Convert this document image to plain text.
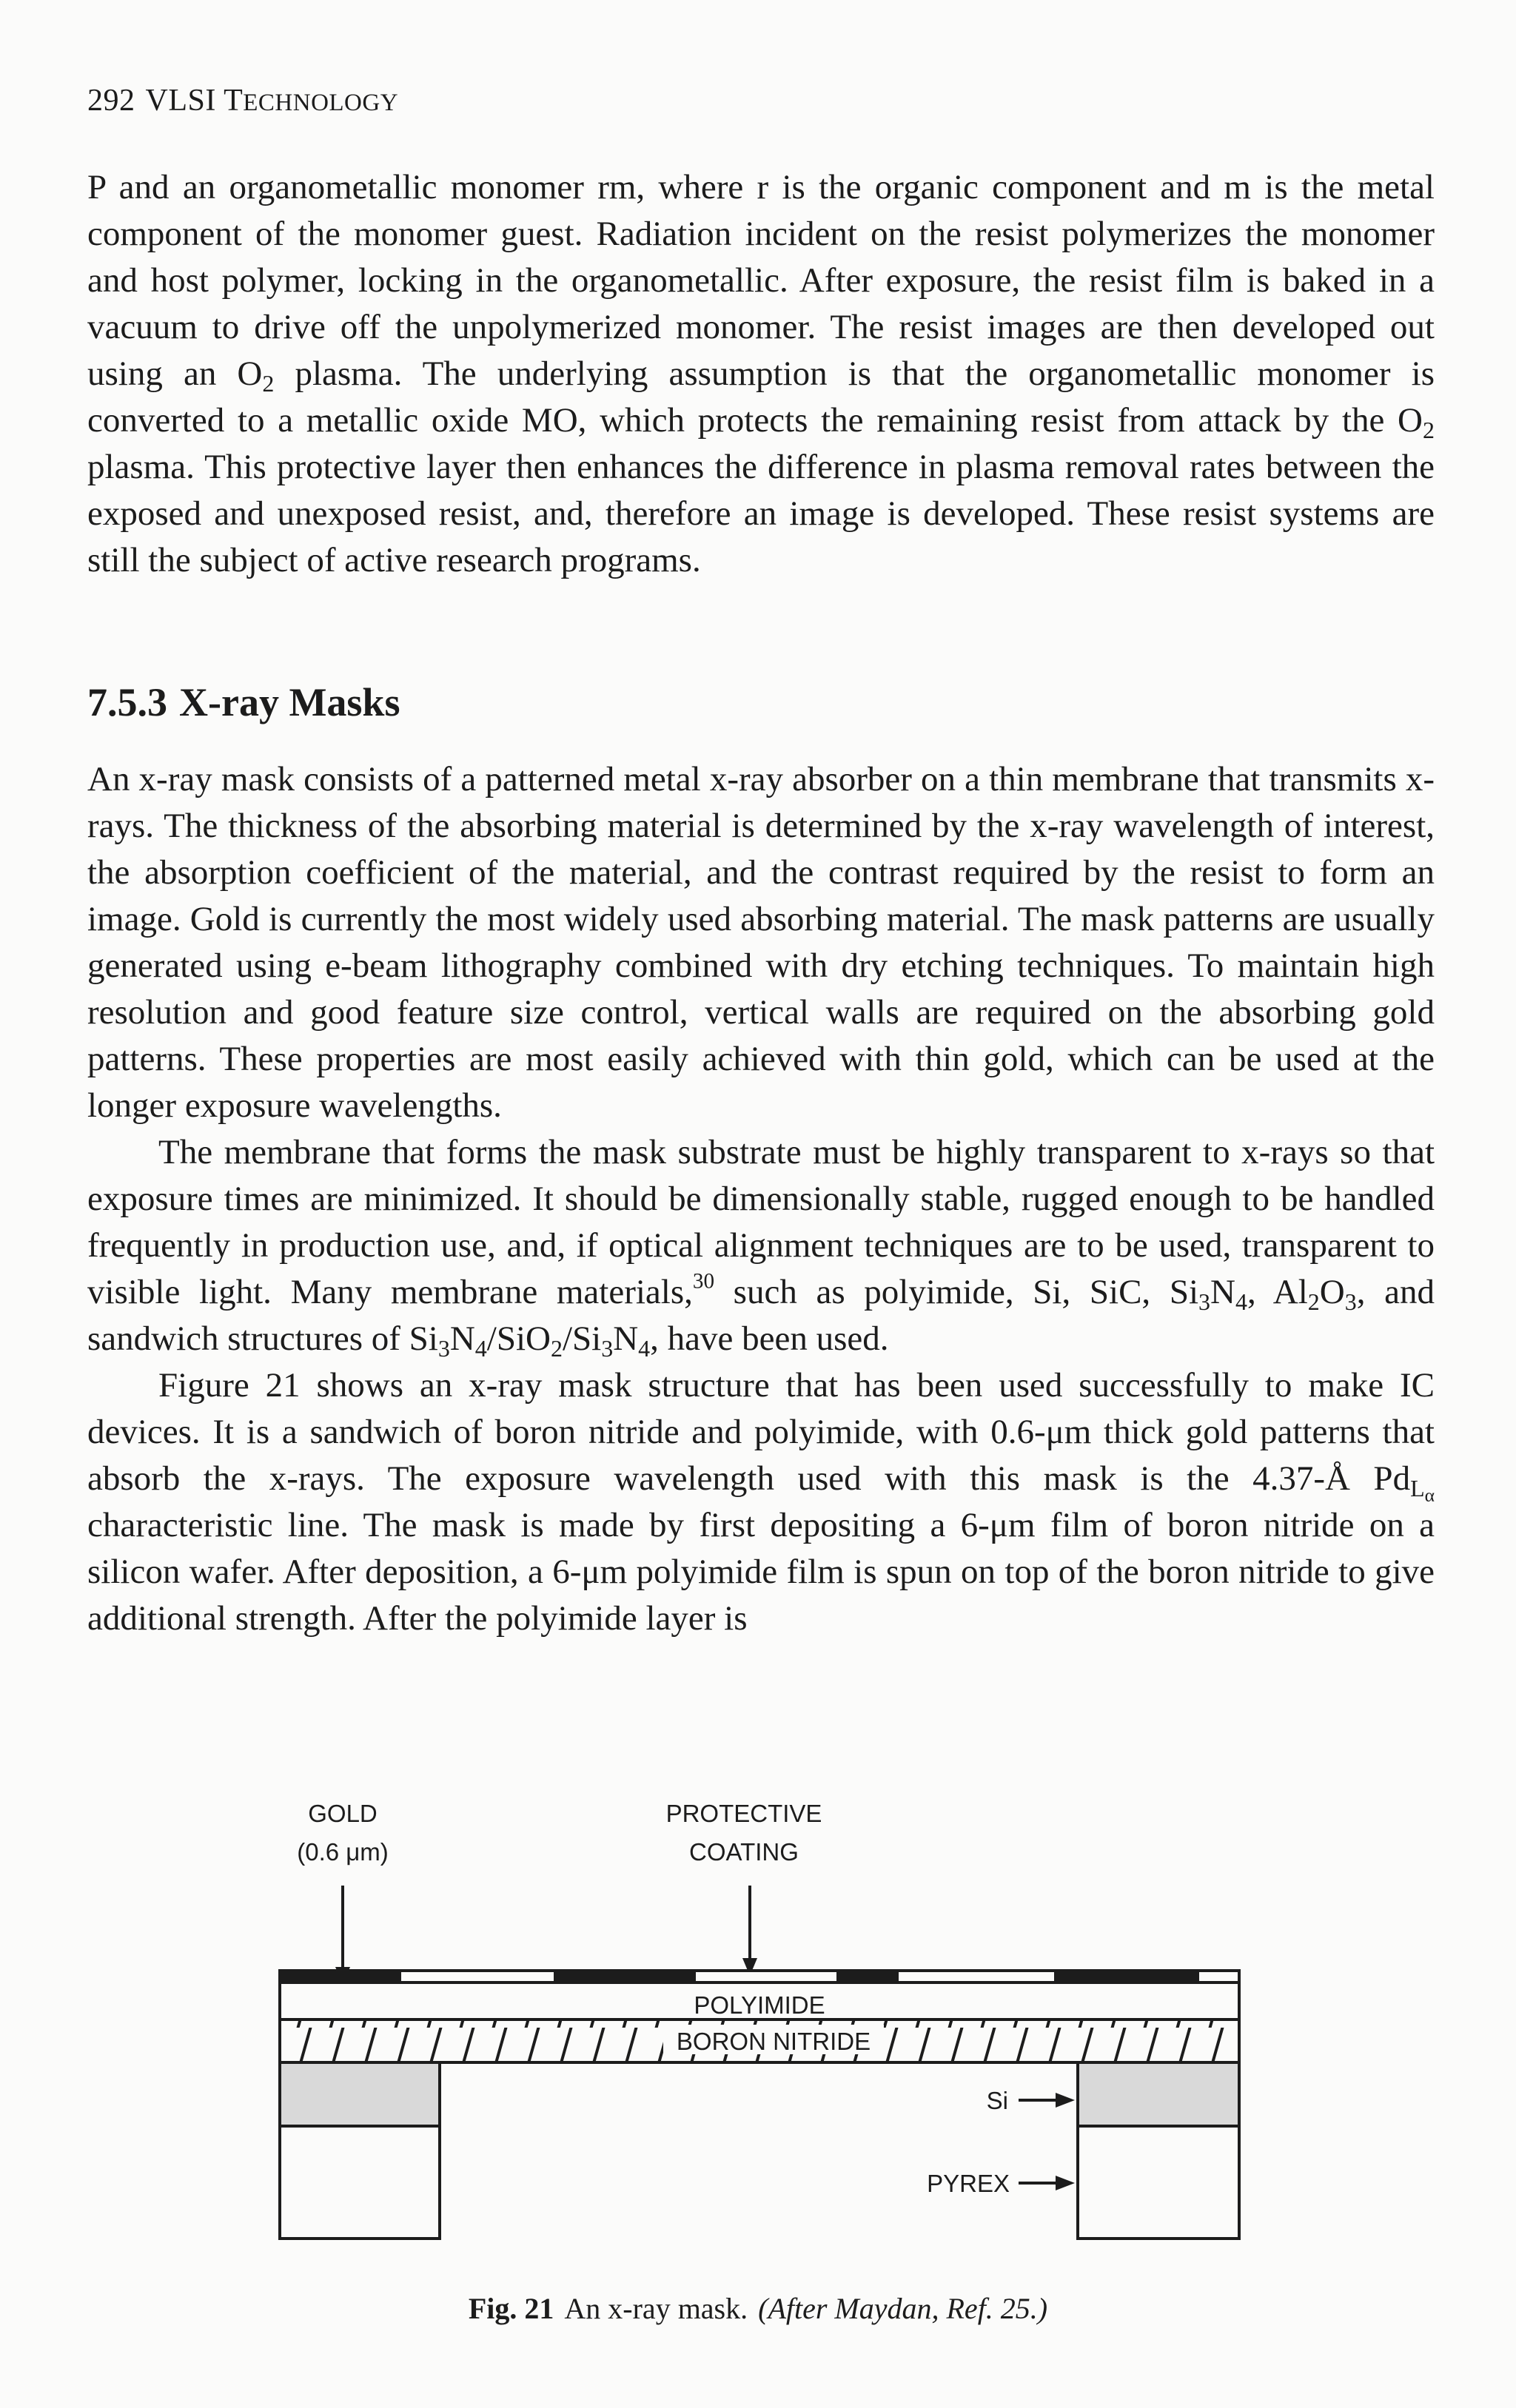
292 VLSI TECHNOLOGY

P and an organometallic monomer rm, where r is the organic component and m is the metal component of the monomer guest. Radiation incident on the resist polymerizes the monomer and host polymer, locking in the organometallic. After exposure, the resist film is baked in a vacuum to drive off the unpolymerized monomer. The resist images are then developed out using an $O_2$ plasma. The underlying assumption is that the organometallic monomer is converted to a metallic oxide MO, which protects the remaining resist from attack by the $O_2$ plasma. This protective layer then enhances the difference in plasma removal rates between the exposed and unexposed resist, and, therefore an image is developed. These resist systems are still the subject of active research programs.

7.5.3 X-ray Masks

An x-ray mask consists of a patterned metal x-ray absorber on a thin membrane that transmits x-rays. The thickness of the absorbing material is determined by the x-ray wavelength of interest, the absorption coefficient of the material, and the contrast required by the resist to form an image. Gold is currently the most widely used absorbing material. The mask patterns are usually generated using e-beam lithography combined with dry etching techniques. To maintain high resolution and good feature size control, vertical walls are required on the absorbing gold patterns. These properties are most easily achieved with thin gold, which can be used at the longer exposure wavelengths.

The membrane that forms the mask substrate must be highly transparent to x-rays so that exposure times are minimized. It should be dimensionally stable, rugged enough to be handled frequently in production use, and, if optical alignment techniques are to be used, transparent to visible light. Many membrane materials,$^{30}$ such as polyimide, Si, SiC, $Si_3N_4$, $Al_2O_3$, and sandwich structures of $Si_3N_4/SiO_2/Si_3N_4$, have been used.

Figure 21 shows an x-ray mask structure that has been used successfully to make IC devices. It is a sandwich of boron nitride and polyimide, with 0.6-μm thick gold patterns that absorb the x-rays. The exposure wavelength used with this mask is the 4.37-Å $Pd_{L_\alpha}$ characteristic line. The mask is made by first depositing a 6-μm film of boron nitride on a silicon wafer. After deposition, a 6-μm polyimide film is spun on top of the boron nitride to give additional strength. After the polyimide layer is

GOLD
(0.6 μm)
PROTECTIVE
COATING
POLYIMIDE
BORON NITRIDE
Si
PYREX
Fig. 21 An x-ray mask. (After Maydan, Ref. 25.)
